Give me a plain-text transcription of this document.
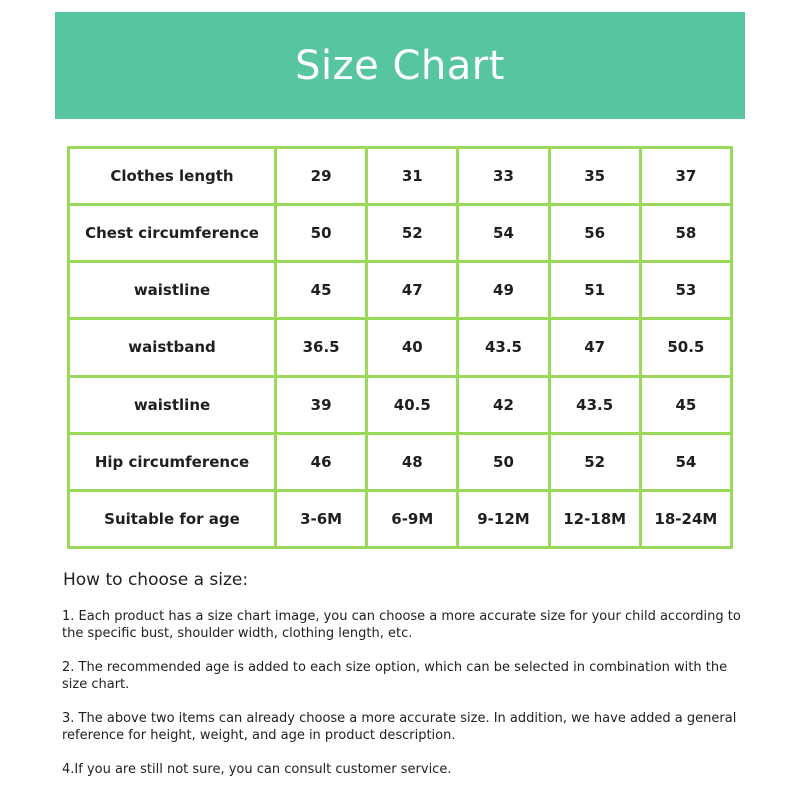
Size Chart
Clothes length	29	31	33	35	37
Chest circumference	50	52	54	56	58
waistline	45	47	49	51	53
waistband	36.5	40	43.5	47	50.5
waistline	39	40.5	42	43.5	45
Hip circumference	46	48	50	52	54
Suitable for age	3-6M	6-9M	9-12M	12-18M	18-24M
How to choose a size:
1. Each product has a size chart image, you can choose a more accurate size for your child according to the specific bust, shoulder width, clothing length, etc.
2. The recommended age is added to each size option, which can be selected in combination with the size chart.
3. The above two items can already choose a more accurate size. In addition, we have added a general reference for height, weight, and age in product description.
4.If you are still not sure, you can consult customer service.
